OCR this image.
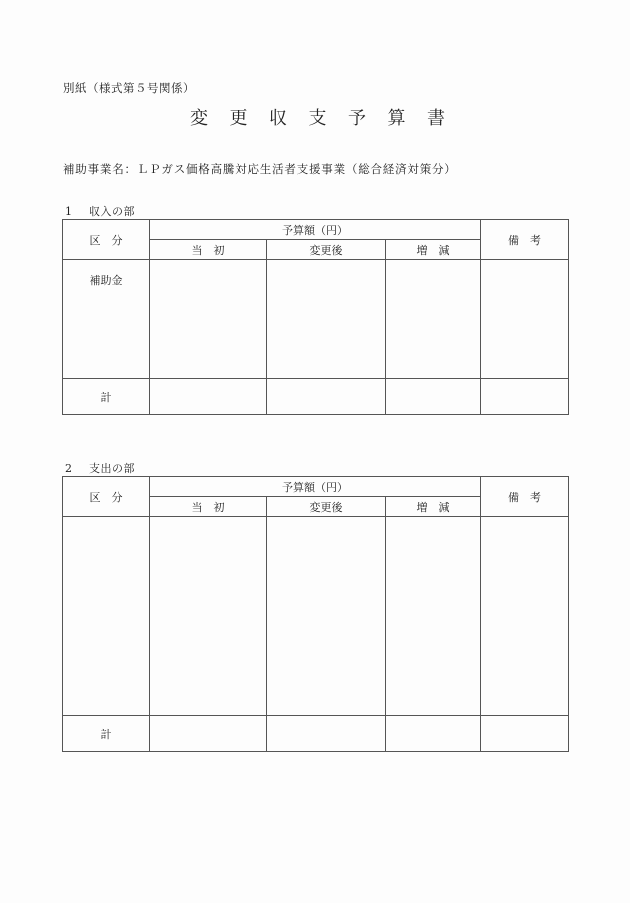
別紙（様式第５号関係）
変更収支予算書
補助事業名：ＬＰガス価格高騰対応生活者支援事業（総合経済対策分）
1 収入の部
区　分	予算額（円）			備　考
	当　初	変更後	増　減	
補助金				
計				
2 支出の部
区　分	予算額（円）			備　考
	当　初	変更後	増　減	

計				
